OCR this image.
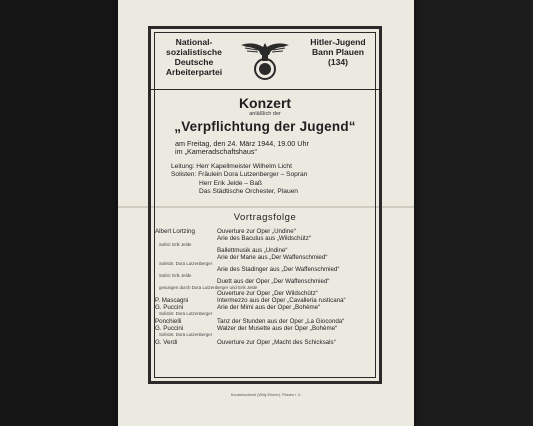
National-
sozialistische
Deutsche
Arbeiterpartei
Hitler-Jugend
Bann Plauen
(134)
Konzert
anläßlich der
„Verpflichtung der Jugend“
am Freitag, den 24. März 1944, 19.00 Uhr
im „Kameradschaftshaus“
Leitung: Herr Kapellmeister Wilhelm Licht
Solisten: Fräulein Dora Lutzenberger – Sopran
Herr Erik Jelde – Baß
Das Städtische Orchester, Plauen
Vortragsfolge
Albert Lortzing	Ouverture zur Oper „Undine“
Arie des Baculus aus „Wildschütz“
Solist: Erik Jelde
Ballettmusik aus „Undine“
Arie der Marie aus „Der Waffenschmied“
Solistin: Dora Lutzenberger
Arie des Stadinger aus „Der Waffenschmied“
Solist: Erik Jelde
Duett aus der Oper „Der Waffenschmied“
gesungen durch Dora Lutzenberger und Erik Jelde
Ouverture zur Oper „Der Wildschütz“
P. Mascagni	Intermezzo aus der Oper „Cavalleria rusticana“
G. Puccini	Arie der Mimi aus der Oper „Bohème“
Solistin: Dora Lutzenberger
Ponchielli	Tanz der Stunden aus der Oper „La Gioconda“
G. Puccini	Walzer der Musette aus der Oper „Bohème“
Solistin: Dora Lutzenberger
G. Verdi	Ouverture zur Oper „Macht des Schicksals“
Kunstdruckerei (Willy Ehmer), Plauen i. V.
